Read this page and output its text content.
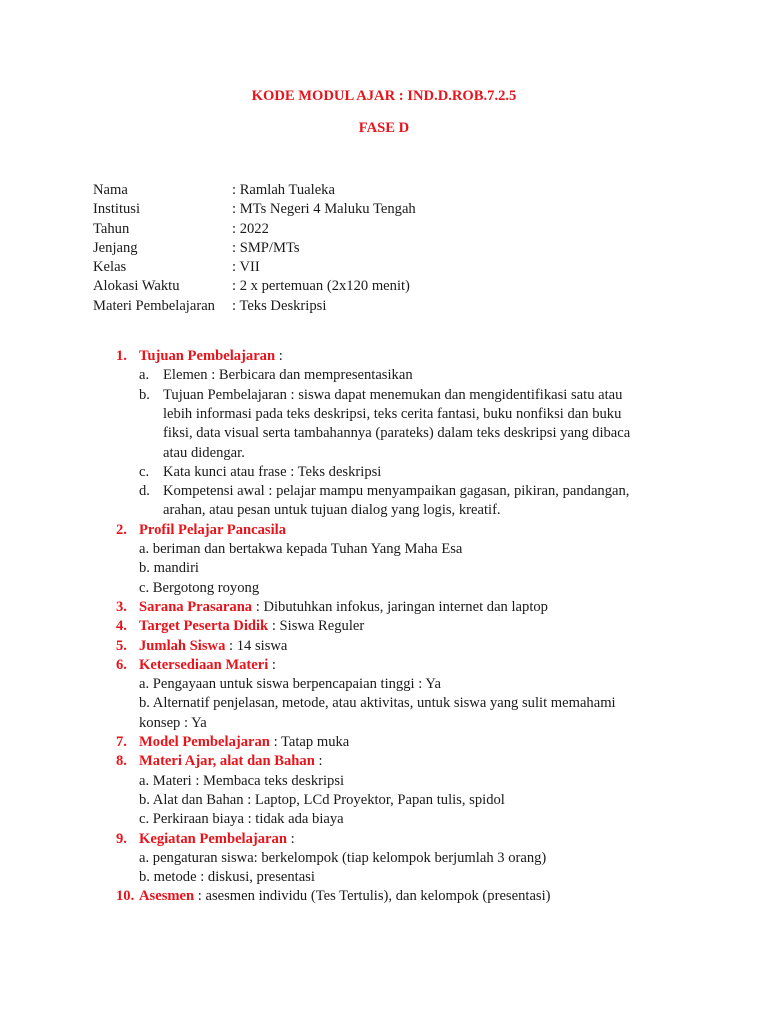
KODE MODUL AJAR : IND.D.ROB.7.2.5
FASE D
Nama	: Ramlah Tualeka
Institusi	: MTs Negeri 4 Maluku Tengah
Tahun	: 2022
Jenjang	: SMP/MTs
Kelas	: VII
Alokasi Waktu	: 2 x pertemuan (2x120 menit)
Materi Pembelajaran : Teks Deskripsi
1. Tujuan Pembelajaran :
a. Elemen : Berbicara dan mempresentasikan
b. Tujuan Pembelajaran : siswa dapat menemukan dan mengidentifikasi satu atau
lebih informasi pada teks deskripsi, teks cerita fantasi, buku nonfiksi dan buku
fiksi, data visual serta tambahannya (parateks) dalam teks deskripsi yang dibaca
atau didengar.
c. Kata kunci atau frase : Teks deskripsi
d. Kompetensi awal : pelajar mampu menyampaikan gagasan, pikiran, pandangan,
arahan, atau pesan untuk tujuan dialog yang logis, kreatif.
2. Profil Pelajar Pancasila
a. beriman dan bertakwa kepada Tuhan Yang Maha Esa
b. mandiri
c. Bergotong royong
3. Sarana Prasarana : Dibutuhkan infokus, jaringan internet dan laptop
4. Target Peserta Didik : Siswa Reguler
5. Jumlah Siswa : 14 siswa
6. Ketersediaan Materi :
a. Pengayaan untuk siswa berpencapaian tinggi : Ya
b. Alternatif penjelasan, metode, atau aktivitas, untuk siswa yang sulit memahami
konsep : Ya
7. Model Pembelajaran : Tatap muka
8. Materi Ajar, alat dan Bahan :
a. Materi : Membaca teks deskripsi
b. Alat dan Bahan : Laptop, LCd Proyektor, Papan tulis, spidol
c. Perkiraan biaya : tidak ada biaya
9. Kegiatan Pembelajaran :
a. pengaturan siswa: berkelompok (tiap kelompok berjumlah 3 orang)
b. metode : diskusi, presentasi
10. Asesmen : asesmen individu (Tes Tertulis), dan kelompok (presentasi)
